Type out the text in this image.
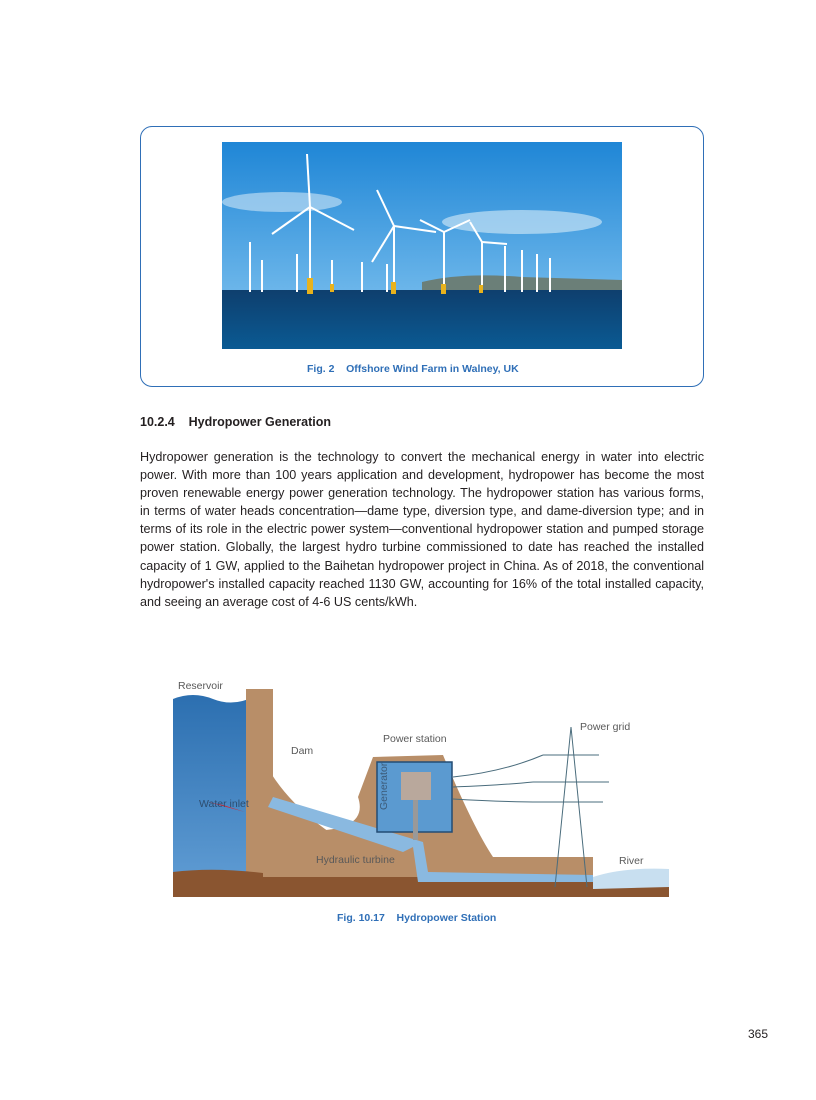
Fig. 2    Offshore Wind Farm in Walney, UK
10.2.4    Hydropower Generation

Hydropower generation is the technology to convert the mechanical energy in water into electric power. With more than 100 years application and development, hydropower has become the most proven renewable energy power generation technology. The hydropower station has various forms, in terms of water heads concentration—dame type, diversion type, and dame-diversion type; and in terms of its role in the electric power system—conventional hydropower station and pumped storage power station. Globally, the largest hydro turbine commissioned to date has reached the installed capacity of 1 GW, applied to the Baihetan hydropower project in China. As of 2018, the conventional hydropower's installed capacity reached 1130 GW, accounting for 16% of the total installed capacity, and seeing an average cost of 4-6 US cents/kWh.

Reservoir
Dam
Power station
Power grid
Generator
Water inlet
Hydraulic turbine	River
Fig. 10.17    Hydropower Station
365
